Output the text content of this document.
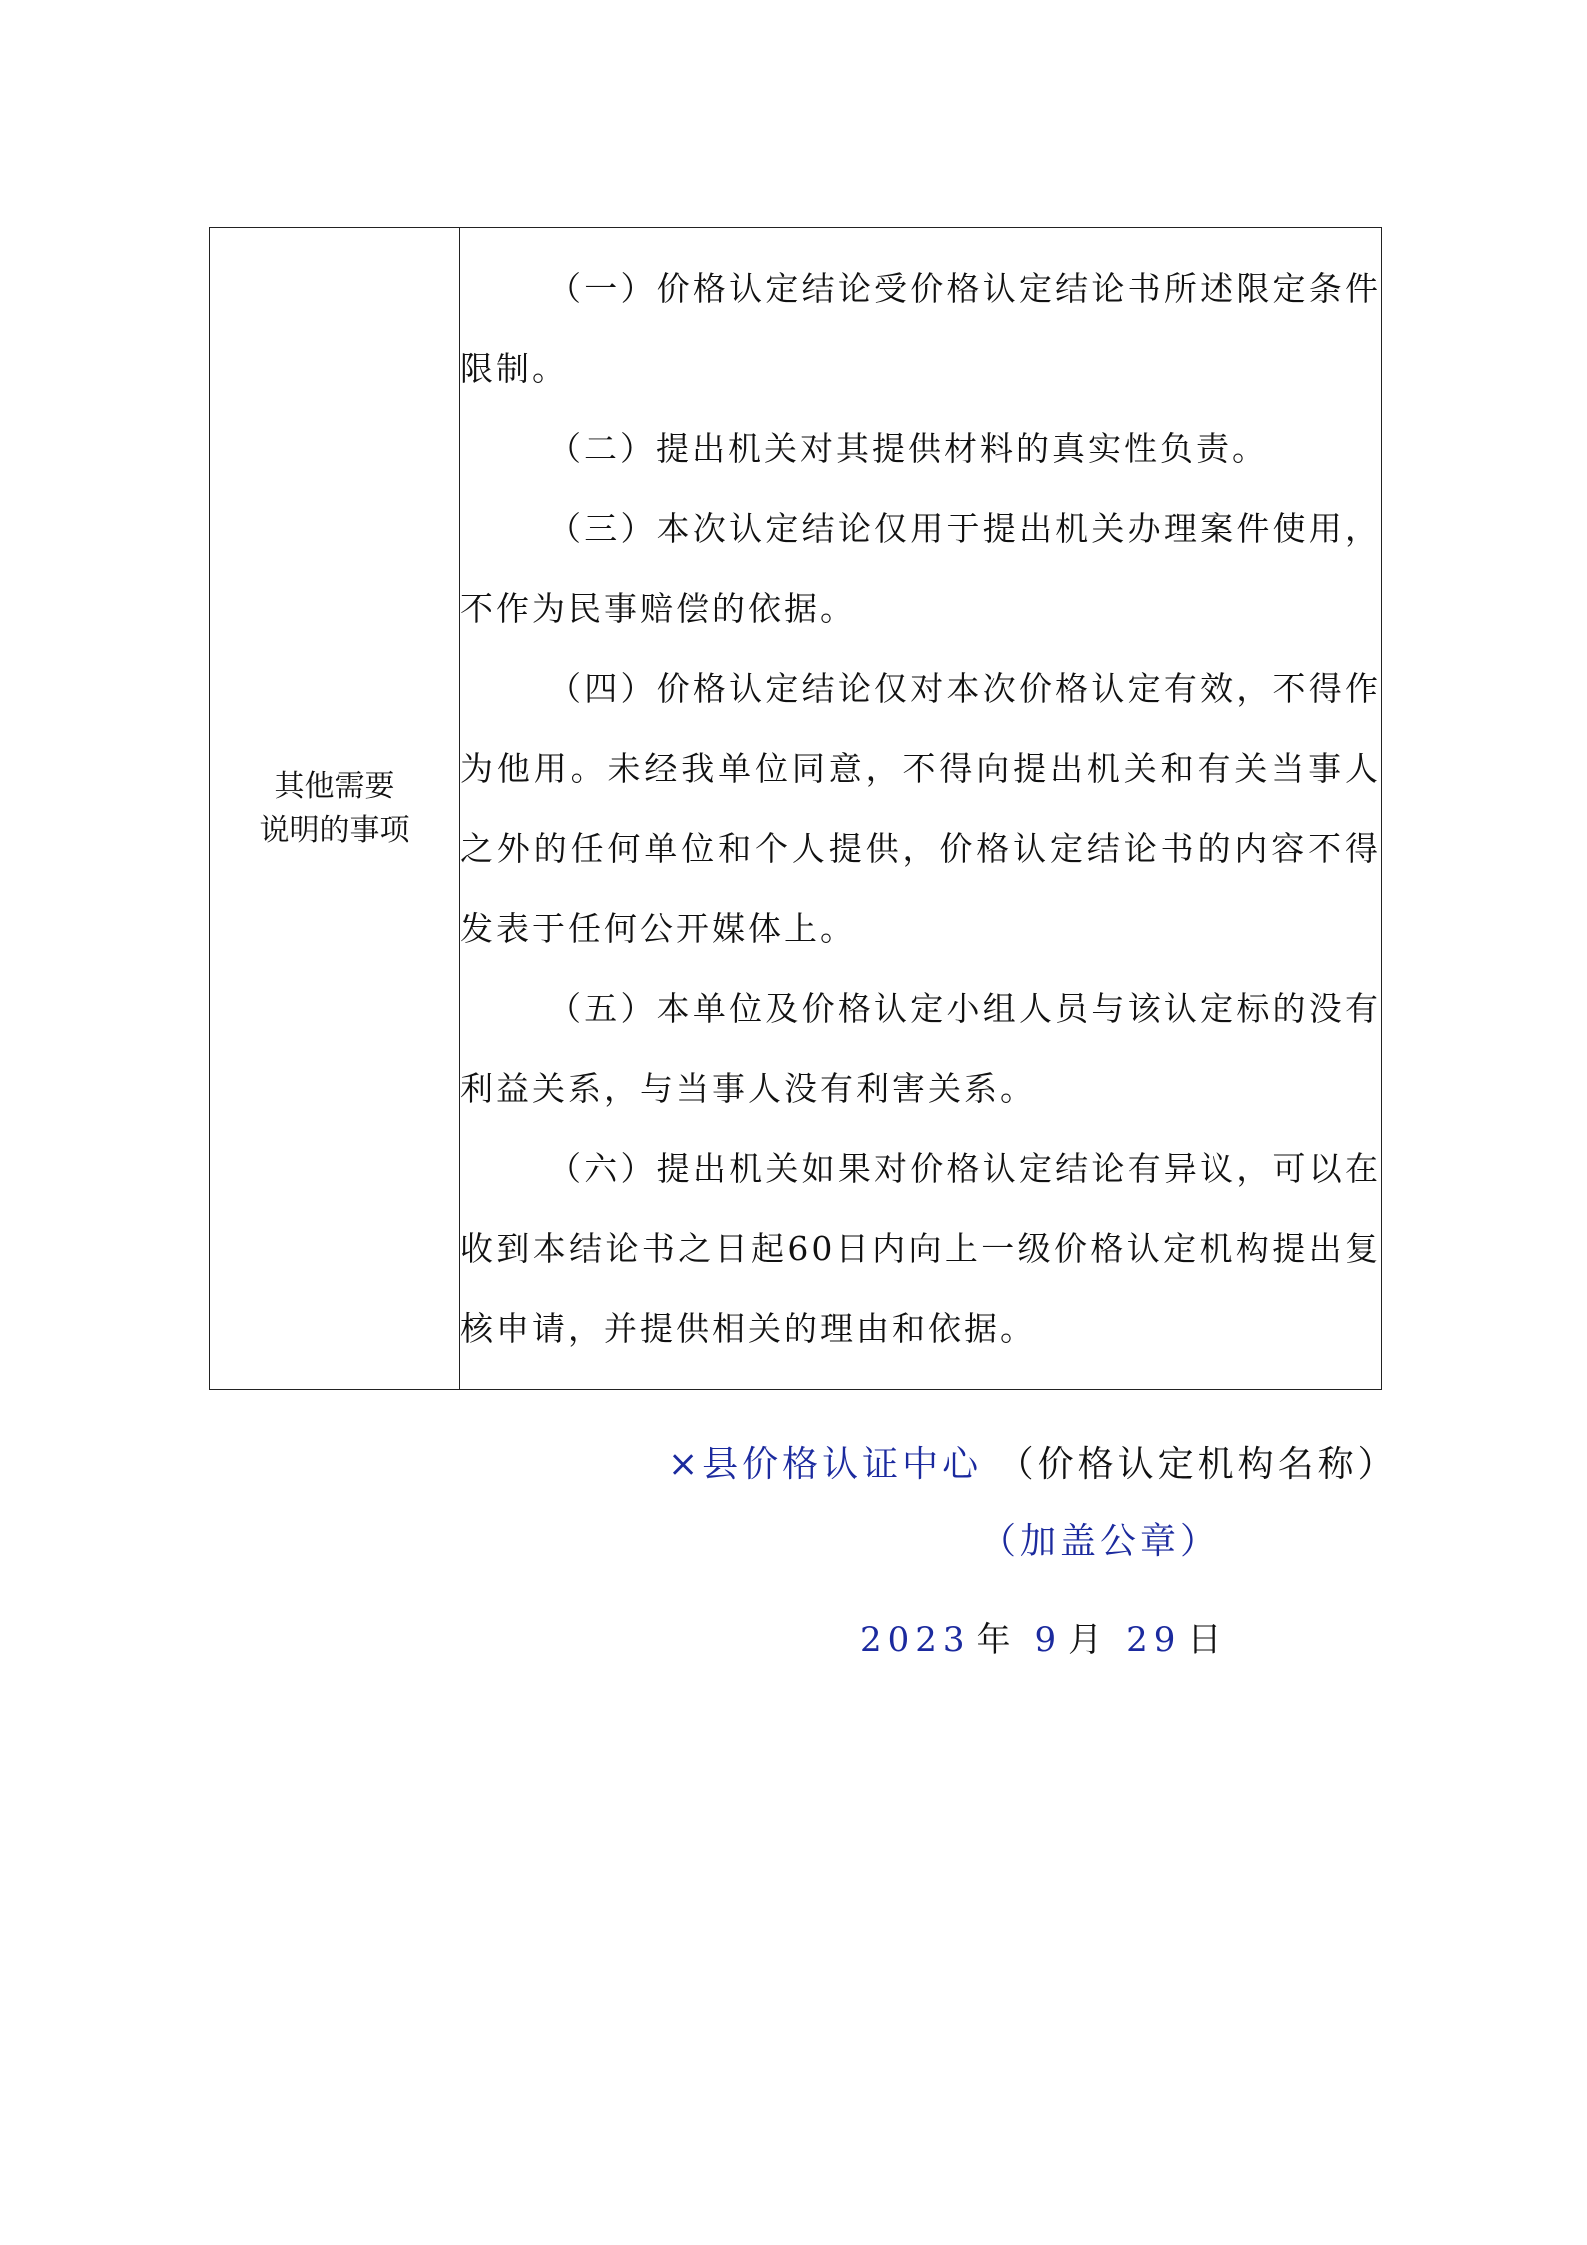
其他需要
说明的事项	

（一）价格认定结论受价格认定结论书所述限定条件限制。

（二）提出机关对其提供材料的真实性负责。

（三）本次认定结论仅用于提出机关办理案件使用，不作为民事赔偿的依据。

（四）价格认定结论仅对本次价格认定有效，不得作为他用。未经我单位同意，不得向提出机关和有关当事人之外的任何单位和个人提供，价格认定结论书的内容不得发表于任何公开媒体上。

（五）本单位及价格认定小组人员与该认定标的没有利益关系，与当事人没有利害关系。

（六）提出机关如果对价格认定结论有异议，可以在收到本结论书之日起60日内向上一级价格认定机构提出复核申请，并提供相关的理由和依据。

×县价格认证中心 （价格认定机构名称）
（加盖公章）
2023 年 9 月 29 日
